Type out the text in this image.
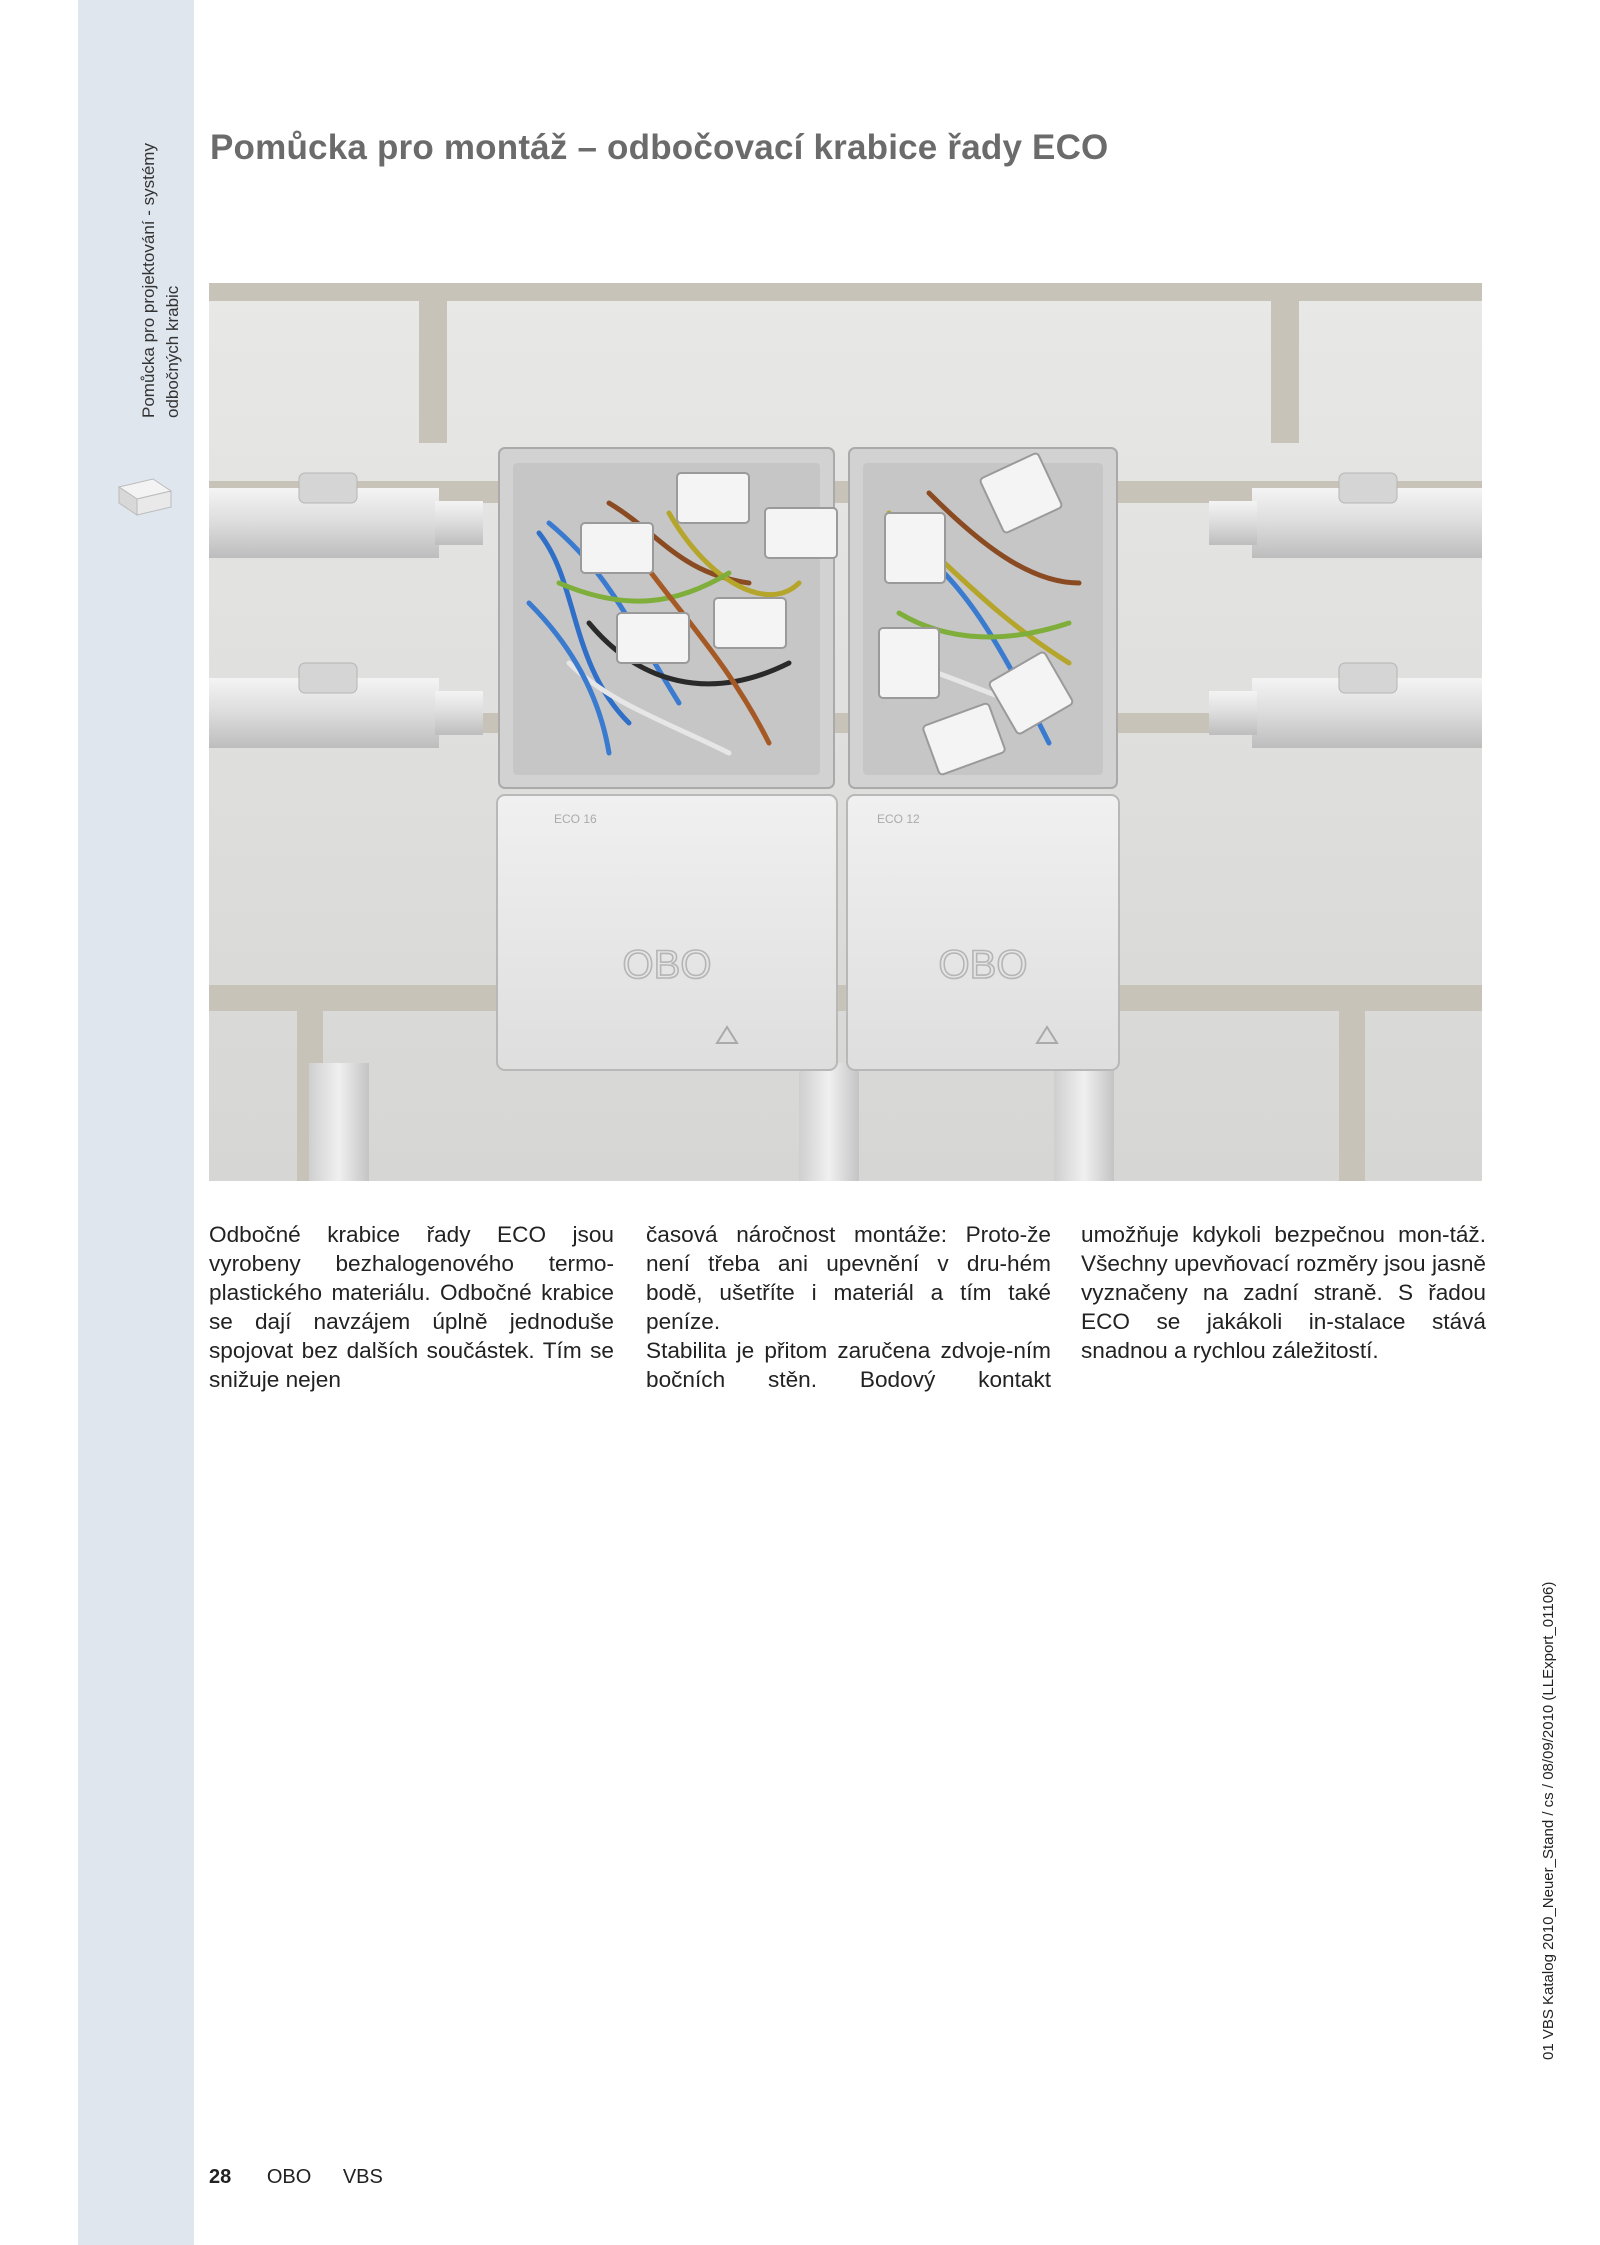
Pomůcka pro projektování - systémy odbočných krabic
Pomůcka pro montáž – odbočovací krabice řady ECO
ECO 16	ECO 12
OBO	OBO

Odbočné krabice řady ECO jsou vyrobeny bezhalogenového termo-plastického materiálu. Odbočné krabice se dají navzájem úplně jednoduše spojovat bez dalších součástek. Tím se snižuje nejen

časová náročnost montáže: Proto-že není třeba ani upevnění v dru-hém bodě, ušetříte i materiál a tím také peníze.

Stabilita je přitom zaručena zdvoje-ním bočních stěn. Bodový kontakt

umožňuje kdykoli bezpečnou mon-táž. Všechny upevňovací rozměry jsou jasně vyznačeny na zadní straně. S řadou ECO se jakákoli in-stalace stává snadnou a rychlou záležitostí.

28 OBO VBS
01 VBS Katalog 2010_Neuer_Stand / cs / 08/09/2010 (LLExport_01106)
